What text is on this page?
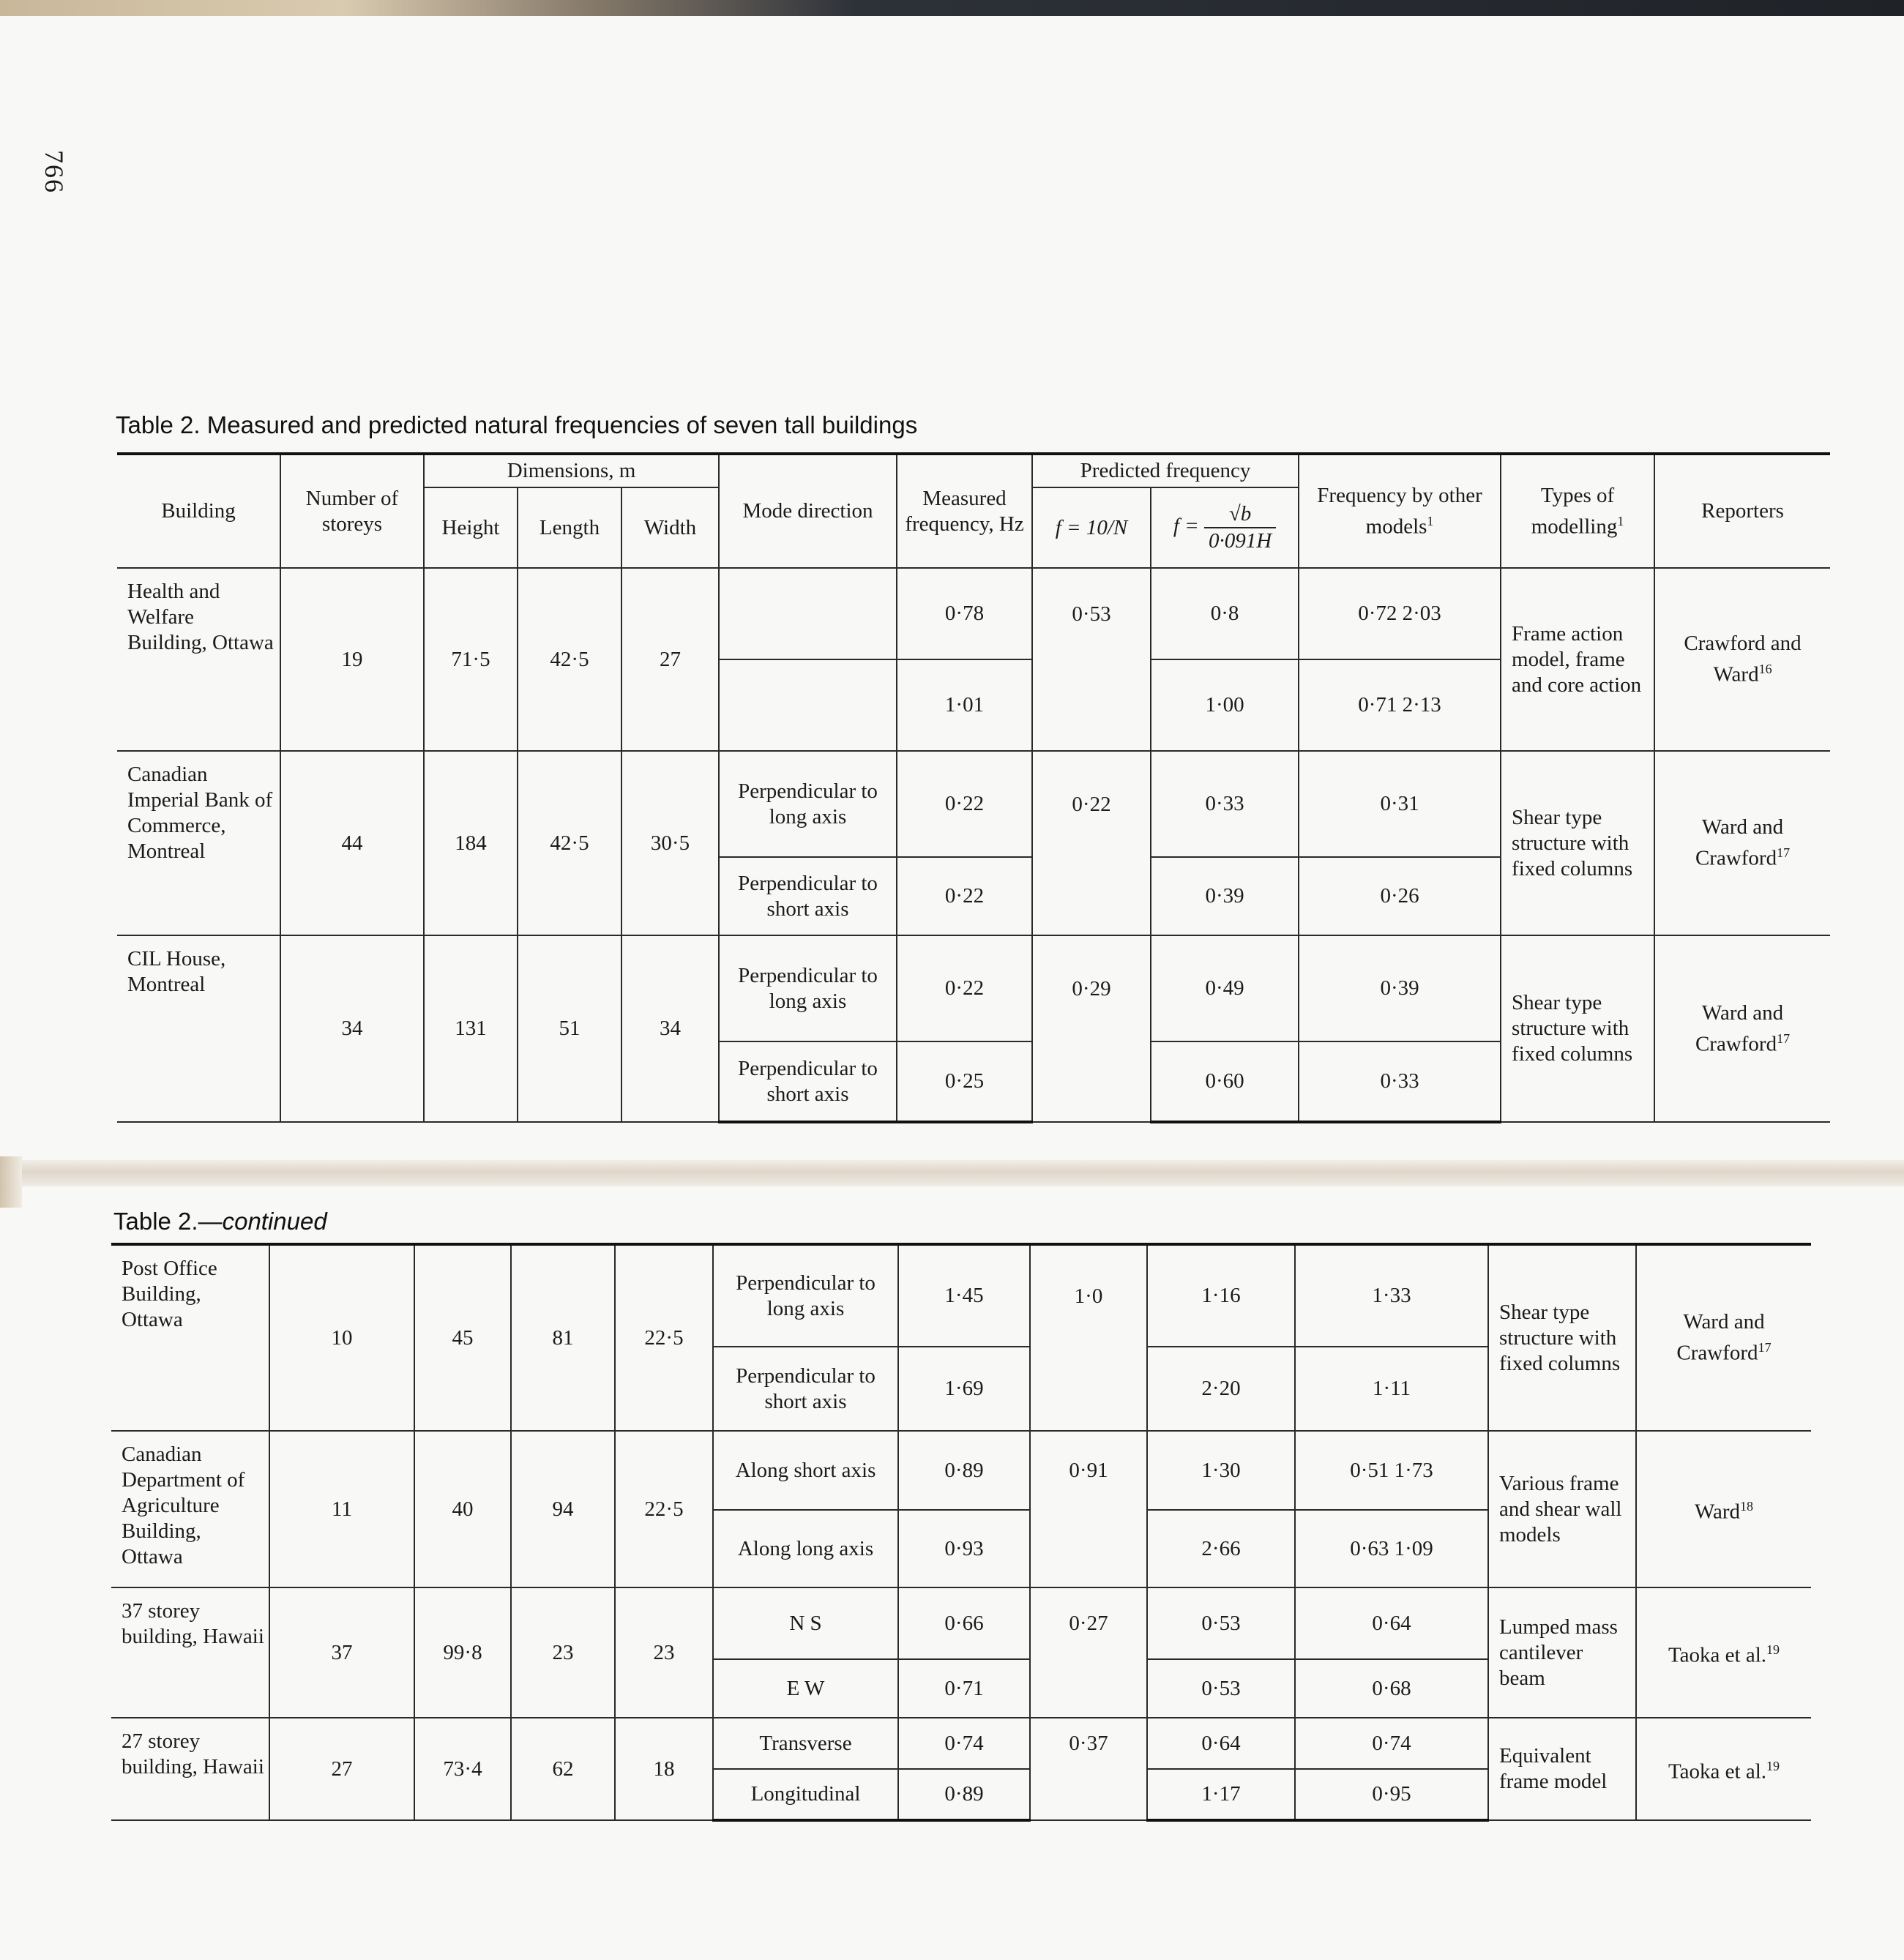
766
Table 2. Measured and predicted natural frequencies of seven tall buildings
Building	Number of storeys	Dimensions, m			Mode direction	Measured frequency, Hz	Predicted frequency		Frequency by other models$^1$	Types of modelling$^1$	Reporters
		Height	Length	Width			f = 10/N	$f = \frac{√b}{0\cdot 091H}$

Health and Welfare Building, Ottawa	19	71·5	42·5	27		0·78	0·53	0·8	0·72 2·03	Frame action model, frame and core action	Crawford and Ward$^{16}$
						1·01		1·00	0·71 2·13		
Canadian Imperial Bank of Commerce, Montreal	44	184	42·5	30·5	Perpendicular to long axis	0·22	0·22	0·33	0·31	Shear type structure with fixed columns	Ward and Crawford$^{17}$
					Perpendicular to short axis	0·22		0·39	0·26		
CIL House, Montreal	34	131	51	34	Perpendicular to long axis	0·22	0·29	0·49	0·39	Shear type structure with fixed columns	Ward and Crawford$^{17}$
					Perpendicular to short axis	0·25		0·60	0·33		
Table 2.—continued
Post Office Building, Ottawa	10	45	81	22·5	Perpendicular to long axis	1·45	1·0	1·16	1·33	Shear type structure with fixed columns	Ward and Crawford$^{17}$
					Perpendicular to short axis	1·69		2·20	1·11		
Canadian Department of Agriculture Building, Ottawa	11	40	94	22·5	Along short axis	0·89	0·91	1·30	0·51 1·73	Various frame and shear wall models	Ward$^{18}$
					Along long axis	0·93		2·66	0·63 1·09		
37 storey building, Hawaii	37	99·8	23	23	N S	0·66	0·27	0·53	0·64	Lumped mass cantilever beam	Taoka et al.$^{19}$
					E W	0·71		0·53	0·68		
27 storey building, Hawaii	27	73·4	62	18	Transverse	0·74	0·37	0·64	0·74	Equivalent frame model	Taoka et al.$^{19}$
					Longitudinal	0·89		1·17	0·95		
